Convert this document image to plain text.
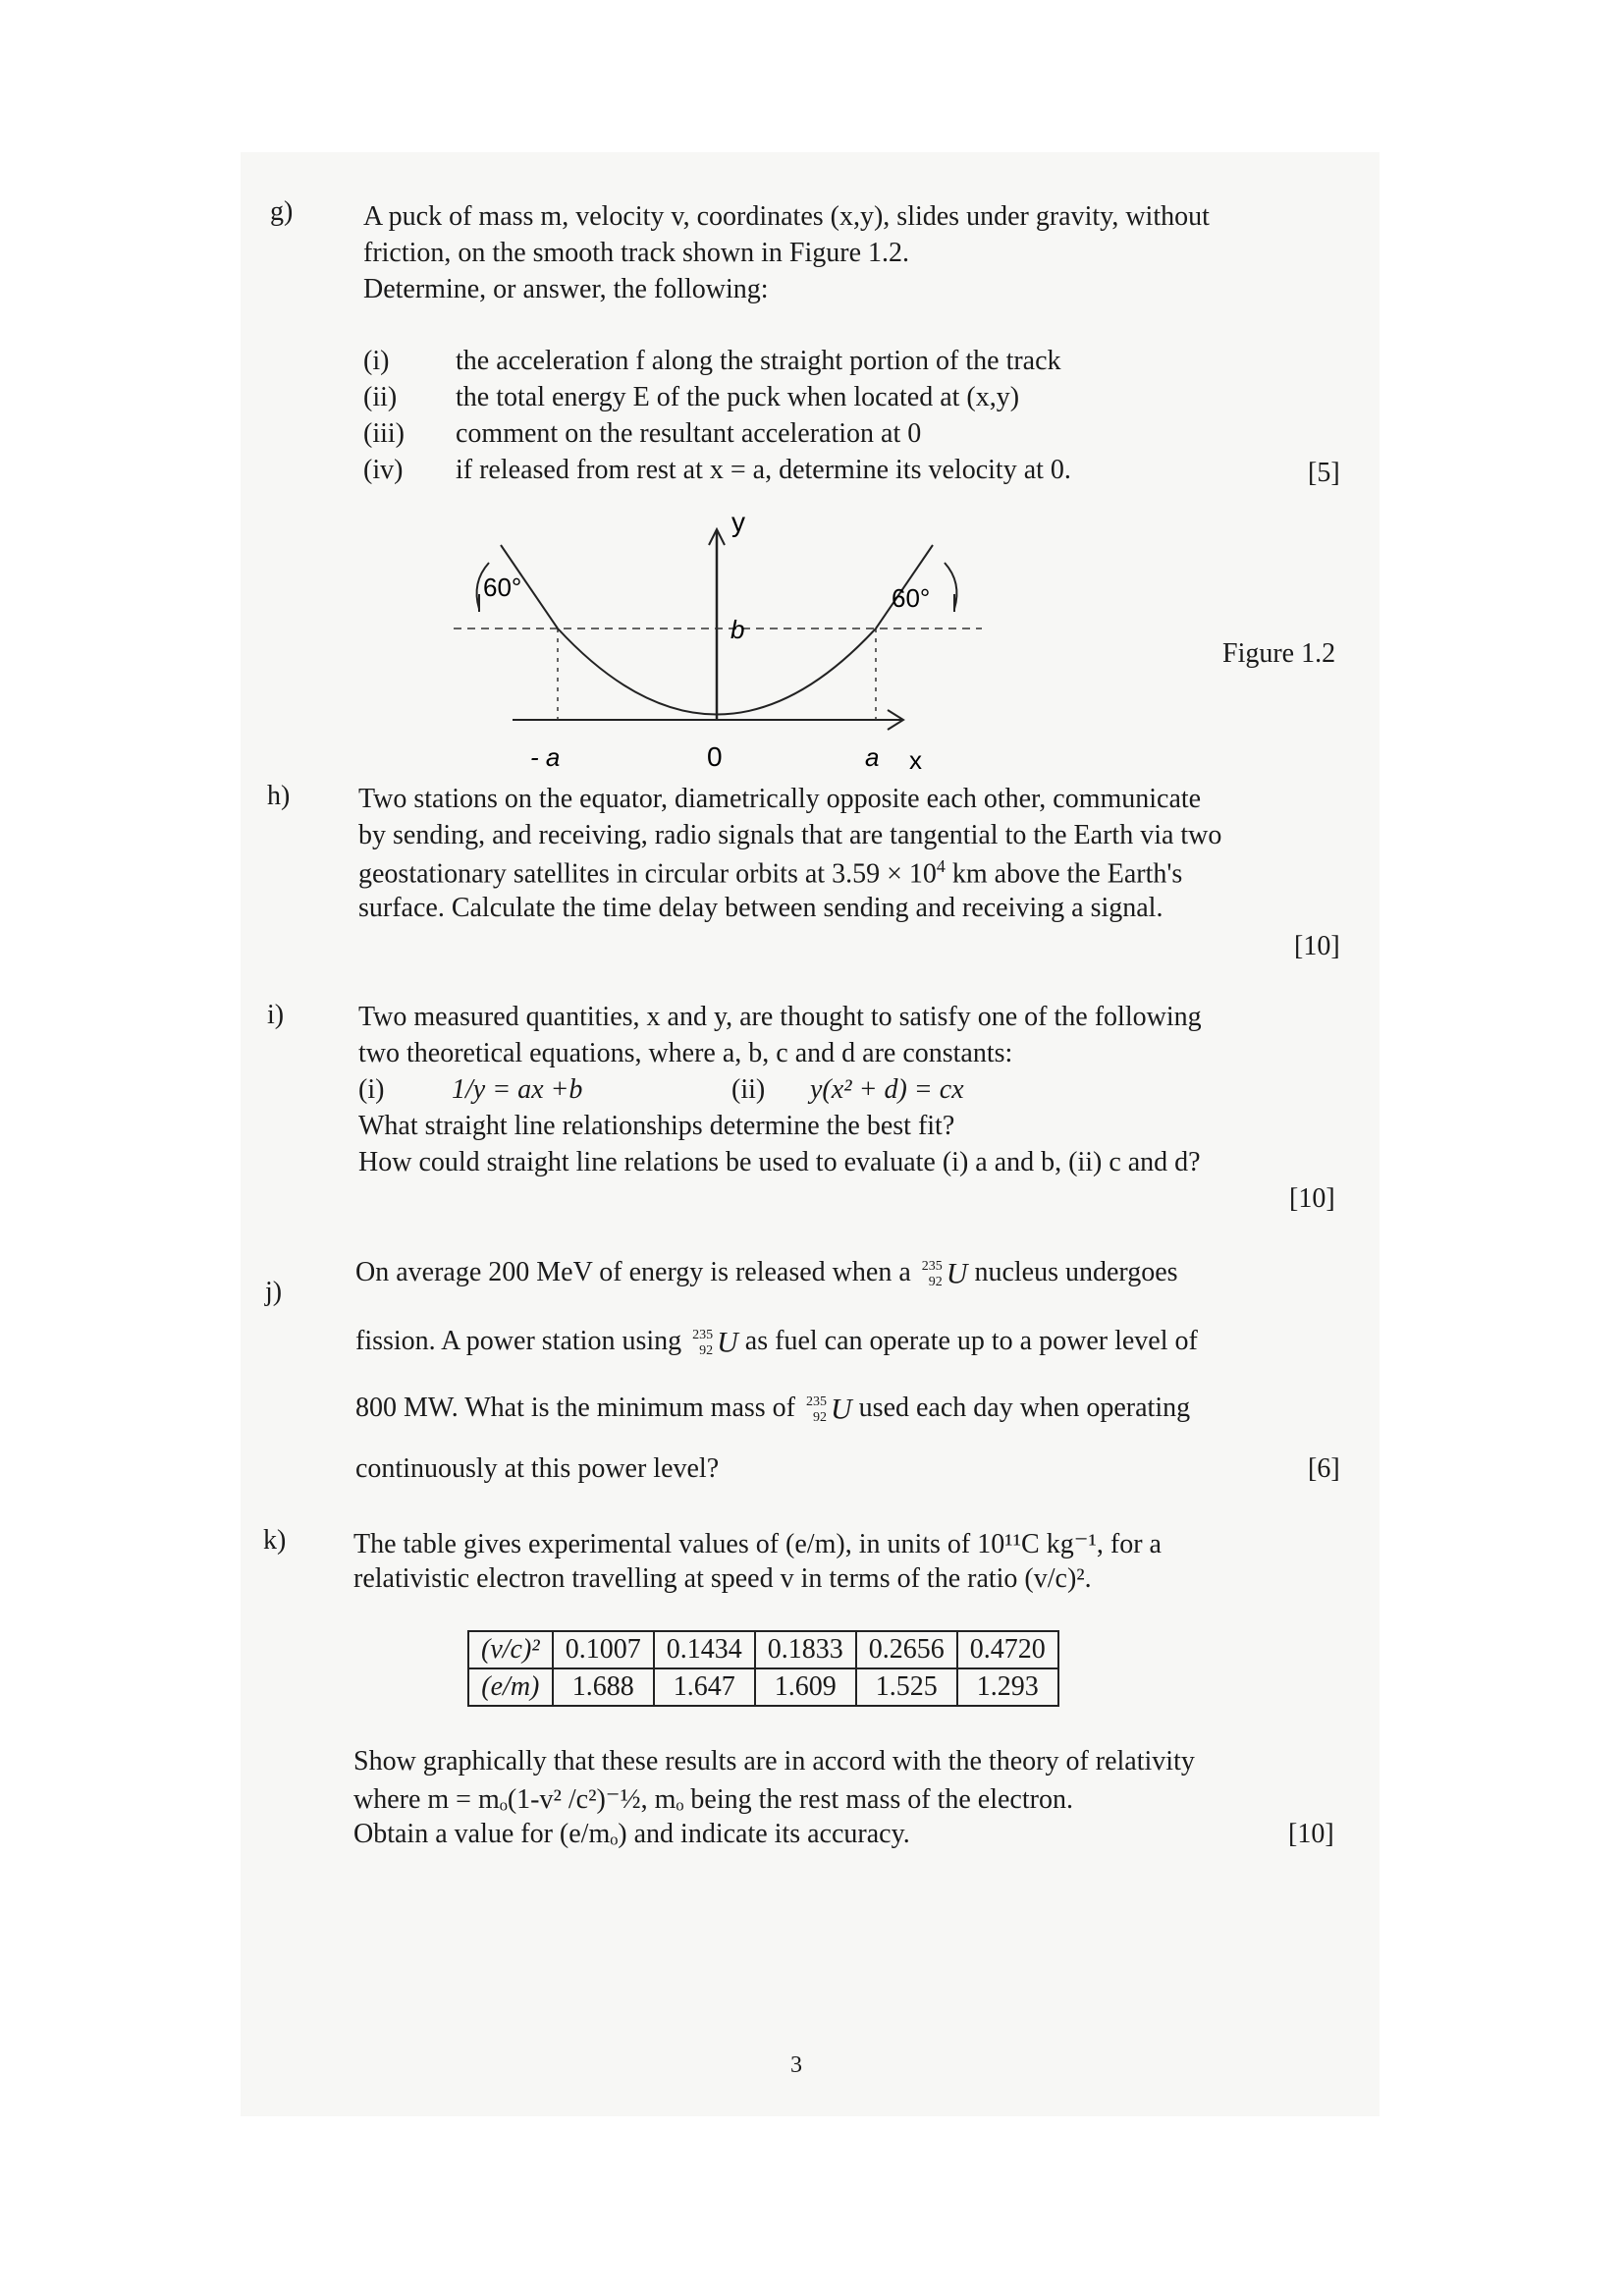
g)	A puck of mass m, velocity v, coordinates (x,y), slides under gravity, without
friction, on the smooth track shown in Figure 1.2.
Determine, or answer, the following:
(i) the acceleration f along the straight portion of the track
(ii) the total energy E of the puck when located at (x,y)
(iii) comment on the resultant acceleration at 0
(iv) if released from rest at x = a, determine its velocity at 0.	[5]
60°	60°
y
b
- a	0	a x
Figure 1.2
h) Two stations on the equator, diametrically opposite each other, communicate
by sending, and receiving, radio signals that are tangential to the Earth via two
geostationary satellites in circular orbits at $3.59 \times 10^4$ km above the Earth's
surface. Calculate the time delay between sending and receiving a signal.
[10]
i)	Two measured quantities, x and y, are thought to satisfy one of the following
two theoretical equations, where a, b, c and d are constants:
(i) 1/y = ax +b	(ii) y(x² + d) = cx
What straight line relationships determine the best fit?
How could straight line relations be used to evaluate (i) a and b, (ii) c and d?
[10]
j)
On average 200 MeV of energy is released when a 235
92 U nucleus undergoes
fission. A power station using 235
92 U as fuel can operate up to a power level of
800 MW. What is the minimum mass of 235
92 U used each day when operating
continuously at this power level?	[6]
k) The table gives experimental values of (e/m), in units of 10¹¹C kg⁻¹, for a
relativistic electron travelling at speed v in terms of the ratio (v/c)².
(v/c)²	0.1007	0.1434	0.1833	0.2656	0.4720
(e/m)	1.688	1.647	1.609	1.525	1.293
Show graphically that these results are in accord with the theory of relativity
where m = mₒ(1-v² /c²)⁻½, mₒ being the rest mass of the electron.
Obtain a value for (e/mₒ) and indicate its accuracy.	[10]
3
